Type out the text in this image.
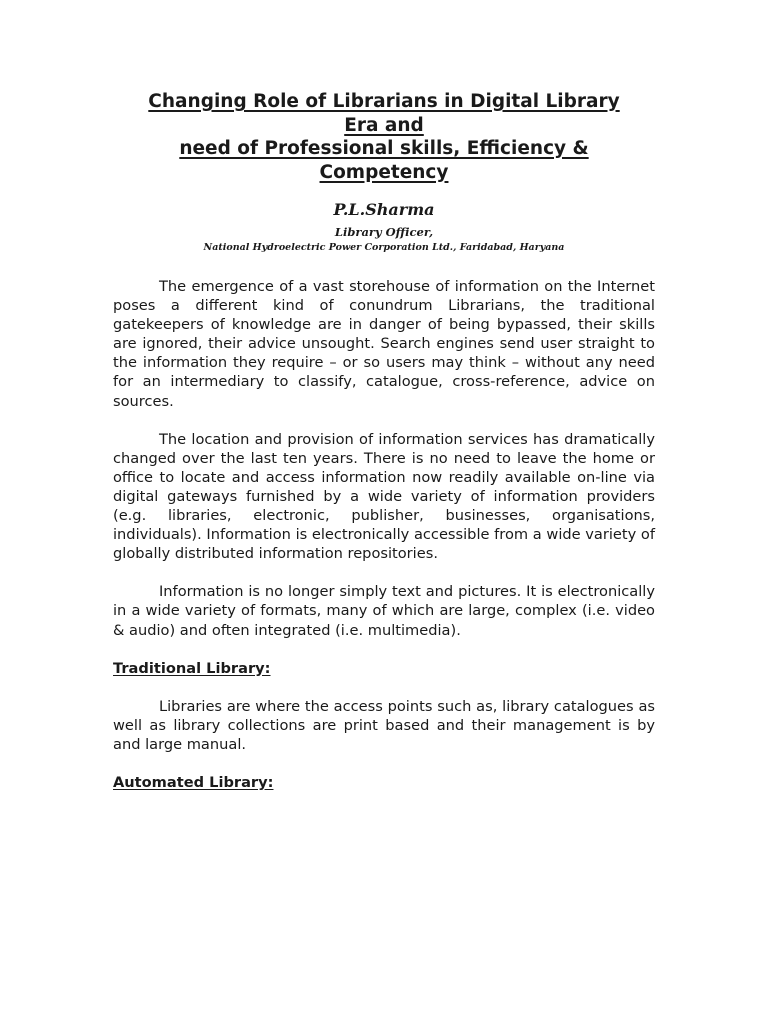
Changing Role of Librarians in Digital Library
Era and
need of Professional skills, Efficiency &
Competency

P.L.Sharma

Library Officer,

National Hydroelectric Power Corporation Ltd., Faridabad, Haryana

The emergence of a vast storehouse of information on the Internet poses a different kind of conundrum Librarians, the traditional gatekeepers of knowledge are in danger of being bypassed, their skills are ignored, their advice unsought. Search engines send user straight to the information they require – or so users may think – without any need for an intermediary to classify, catalogue, cross-reference, advice on sources.

The location and provision of information services has dramatically changed over the last ten years. There is no need to leave the home or office to locate and access information now readily available on-line via digital gateways furnished by a wide variety of information providers (e.g. libraries, electronic, publisher, businesses, organisations, individuals). Information is electronically accessible from a wide variety of globally distributed information repositories.

Information is no longer simply text and pictures. It is electronically in a wide variety of formats, many of which are large, complex (i.e. video & audio) and often integrated (i.e. multimedia).

Traditional Library:

Libraries are where the access points such as, library catalogues as well as library collections are print based and their management is by and large manual.

Automated Library:
